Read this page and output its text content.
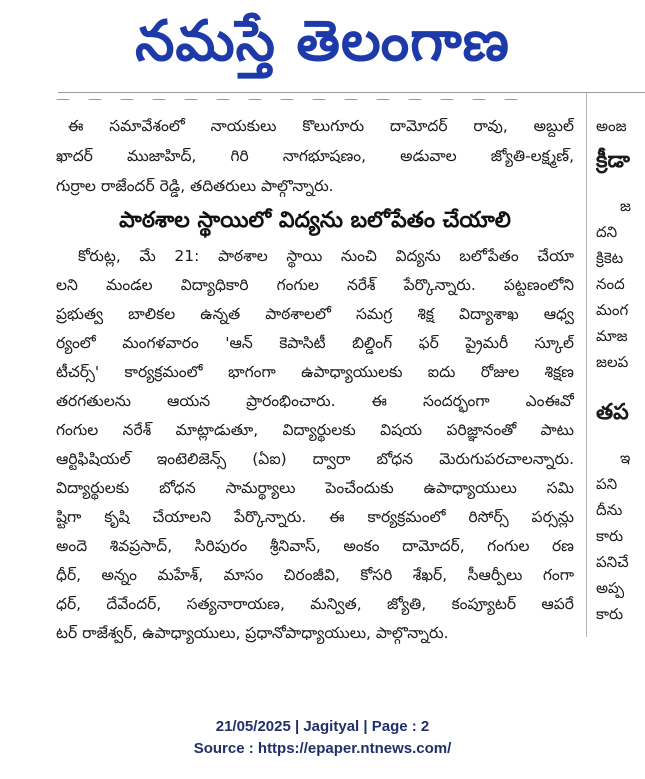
నమస్తే తెలంగాణ
ఈ సమావేశంలో నాయకులు కొలుగూరు దామోదర్ రావు, అబ్దుల్
ఖాదర్ ముజాహిద్, గిరి నాగభూషణం, అడువాల జ్యోతి-లక్ష్మణ్,
గుర్రాల రాజేందర్ రెడ్డి, తదితరులు పాల్గొన్నారు.
పాఠశాల స్థాయిలో విద్యను బలోపేతం చేయాలి
కోరుట్ల, మే 21: పాఠశాల స్థాయి నుంచి విద్యను బలోపేతం చేయా
లని మండల విద్యాధికారి గంగుల నరేశ్ పేర్కొన్నారు. పట్టణంలోని
ప్రభుత్వ బాలికల ఉన్నత పాఠశాలలో సమగ్ర శిక్ష విద్యాశాఖ ఆధ్వ
ర్యంలో మంగళవారం 'ఆన్ కెపాసిటీ బిల్డింగ్ ఫర్ ప్రైమరీ స్కూల్
టీచర్స్' కార్యక్రమంలో భాగంగా ఉపాధ్యాయులకు ఐదు రోజుల శిక్షణ
తరగతులను ఆయన ప్రారంభించారు. ఈ సందర్భంగా ఎంఈవో
గంగుల నరేశ్ మాట్లాడుతూ, విద్యార్థులకు విషయ పరిజ్ఞానంతో పాటు
ఆర్టిఫిషియల్ ఇంటెలిజెన్స్ (ఏఐ) ద్వారా బోధన మెరుగుపరచాలన్నారు.
విద్యార్థులకు బోధన సామర్థ్యాలు పెంచేందుకు ఉపాధ్యాయులు సమి
ష్టిగా కృషి చేయాలని పేర్కొన్నారు. ఈ కార్యక్రమంలో రిసోర్స్ పర్సన్లు
అందె శివప్రసాద్, సిరిపురం శ్రీనివాస్, అంకం దామోదర్, గంగుల రణ
ధీర్, అన్నం మహేశ్, మాసం చిరంజీవి, కోసరి శేఖర్, సీఆర్పీలు గంగా
ధర్, దేవేందర్, సత్యనారాయణ, మన్విత, జ్యోతి, కంప్యూటర్ ఆపరే
టర్ రాజేశ్వర్, ఉపాధ్యాయులు, ప్రధానోపాధ్యాయులు, పాల్గొన్నారు.
అంజ
క్రీడా
జ
దని
క్రికెట
నంద
మంగ
మాజ
జలప
తప
ఇ
పని
దీను
కారు
పనిచే
అప్ప
కారు
21/05/2025 | Jagityal | Page : 2
Source : https://epaper.ntnews.com/
